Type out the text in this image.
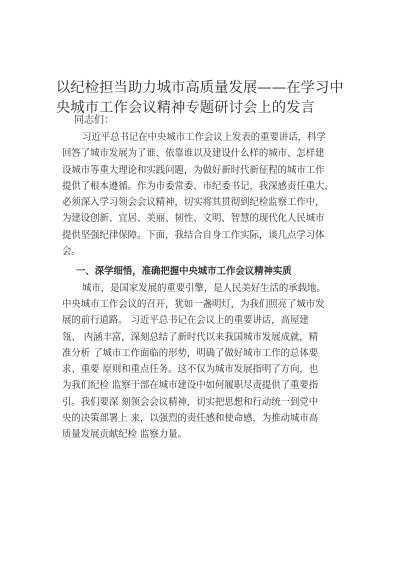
以纪检担当助力城市高质量发展——在学习中
央城市工作会议精神专题研讨会上的发言
同志们：
习近平总书记在中央城市工作会议上发表的重要讲话，科学
回答了城市发展为了谁、依靠谁以及建设什么样的城市、怎样建
设城市等重大理论和实践问题，为做好新时代新征程的城市工作
提供了根本遵循。作为市委常委、市纪委书记，我深感责任重大，
必须深入学习领会会议精神，切实将其贯彻到纪检监察工作中，
为建设创新、宜居、美丽、韧性、文明、智慧的现代化人民城市
提供坚强纪律保障。下面，我结合自身工作实际，谈几点学习体
会。
一、深学细悟，准确把握中央城市工作会议精神实质
城市，是国家发展的重要引擎，是人民美好生活的承载地。
中央城市工作会议的召开，犹如一盏明灯，为我们照亮了城市发
展的前行道路。 习近平总书记在会议上的重要讲话，高屋建
瓴、 内涵丰富，深刻总结了新时代以来我国城市发展成就，精
准分析 了城市工作面临的形势，明确了做好城市工作的总体要
求、重要 原则和重点任务。这不仅为城市发展指明了方向，也
为我们纪检 监察干部在城市建设中如何履职尽责提供了重要指
引。我们要深 刻领会会议精神，切实把思想和行动统一到党中
央的决策部署上 来，以强烈的责任感和使命感，为推动城市高
质量发展贡献纪检 监察力量。
